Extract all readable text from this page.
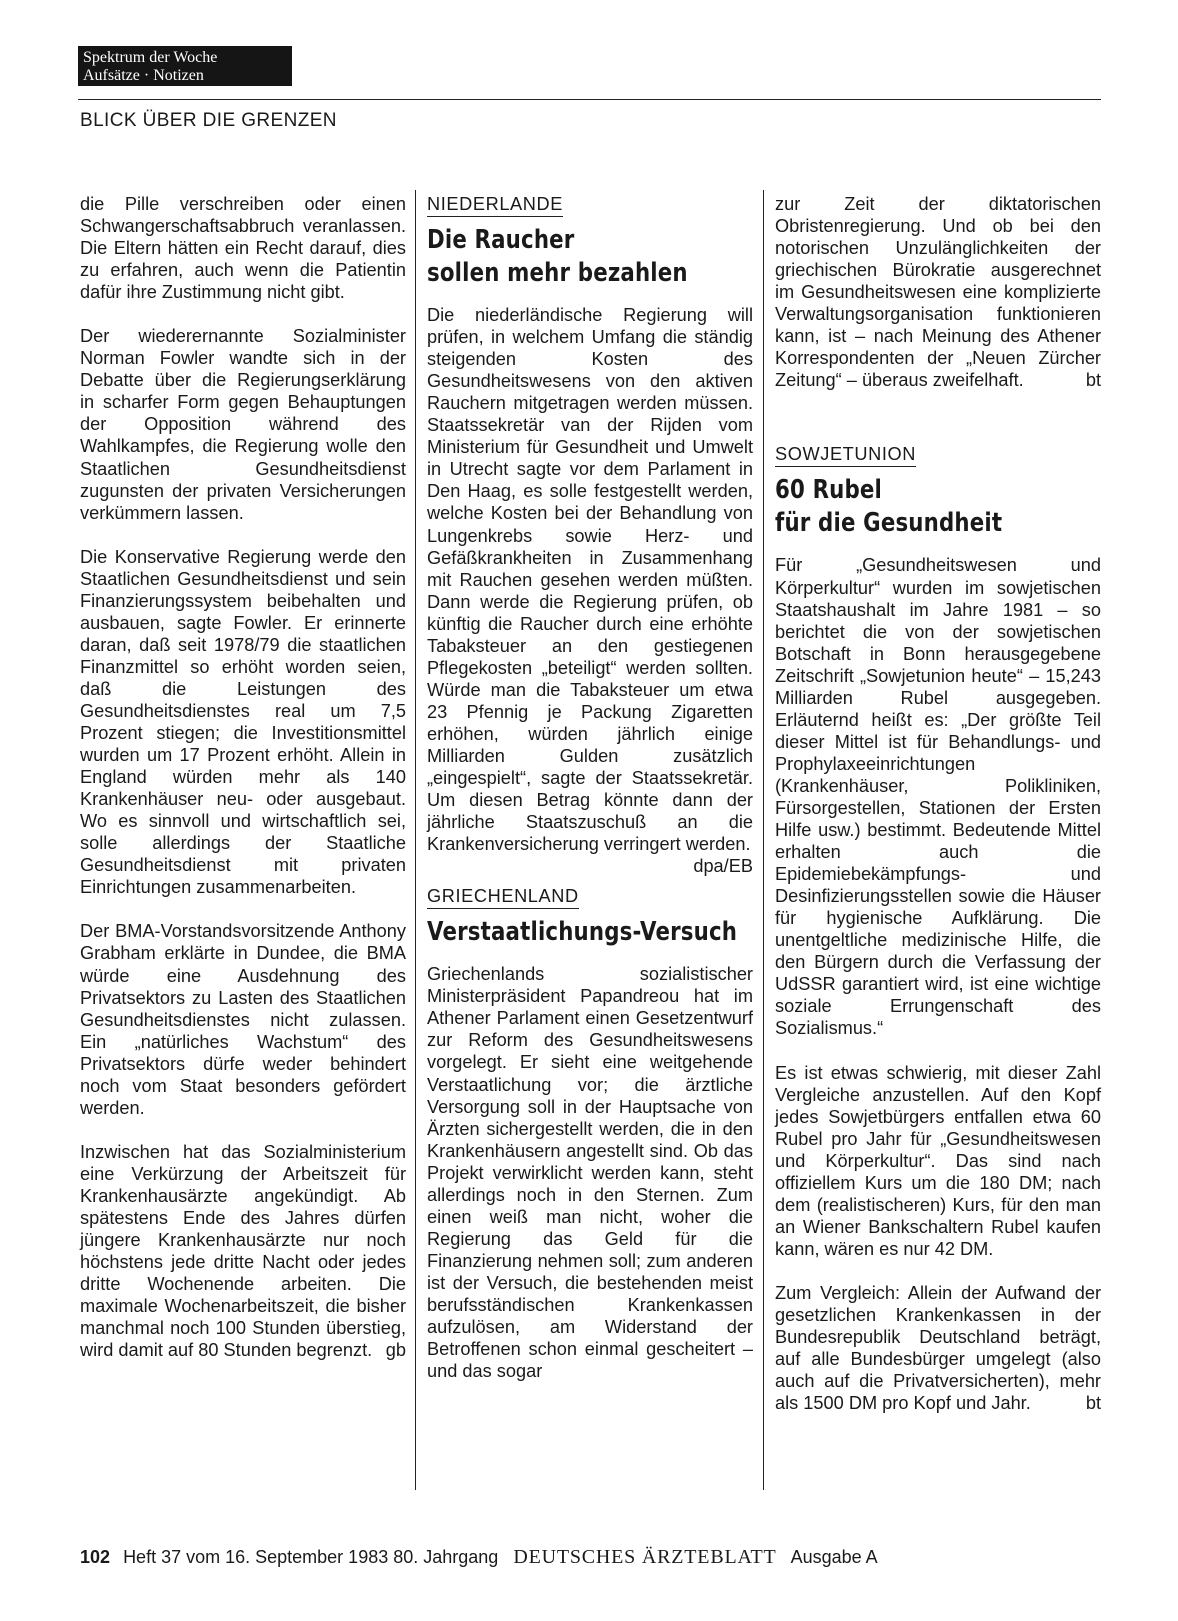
Spektrum der Woche
Aufsätze · Notizen
BLICK ÜBER DIE GRENZEN

die Pille verschreiben oder einen Schwangerschaftsabbruch veranlassen. Die Eltern hätten ein Recht darauf, dies zu erfahren, auch wenn die Patientin dafür ihre Zustimmung nicht gibt.

Der wiederernannte Sozialminister Norman Fowler wandte sich in der Debatte über die Regierungserklärung in scharfer Form gegen Behauptungen der Opposition während des Wahlkampfes, die Regierung wolle den Staatlichen Gesundheitsdienst zugunsten der privaten Versicherungen verkümmern lassen.

Die Konservative Regierung werde den Staatlichen Gesundheitsdienst und sein Finanzierungssystem beibehalten und ausbauen, sagte Fowler. Er erinnerte daran, daß seit 1978/79 die staatlichen Finanzmittel so erhöht worden seien, daß die Leistungen des Gesundheitsdienstes real um 7,5 Prozent stiegen; die Investitionsmittel wurden um 17 Prozent erhöht. Allein in England würden mehr als 140 Krankenhäuser neu- oder ausgebaut. Wo es sinnvoll und wirtschaftlich sei, solle allerdings der Staatliche Gesundheitsdienst mit privaten Einrichtungen zusammenarbeiten.

Der BMA-Vorstandsvorsitzende Anthony Grabham erklärte in Dundee, die BMA würde eine Ausdehnung des Privatsektors zu Lasten des Staatlichen Gesundheitsdienstes nicht zulassen. Ein „natürliches Wachstum“ des Privatsektors dürfe weder behindert noch vom Staat besonders gefördert werden.

Inzwischen hat das Sozialministerium eine Verkürzung der Arbeitszeit für Krankenhausärzte angekündigt. Ab spätestens Ende des Jahres dürfen jüngere Krankenhausärzte nur noch höchstens jede dritte Nacht oder jedes dritte Wochenende arbeiten. Die maximale Wochenarbeitszeit, die bisher manchmal noch 100 Stunden überstieg, wird damit auf 80 Stunden begrenzt. gb

NIEDERLANDE
Die Raucher
sollen mehr bezahlen

Die niederländische Regierung will prüfen, in welchem Umfang die ständig steigenden Kosten des Gesundheitswesens von den aktiven Rauchern mitgetragen werden müssen. Staatssekretär van der Rijden vom Ministerium für Gesundheit und Umwelt in Utrecht sagte vor dem Parlament in Den Haag, es solle festgestellt werden, welche Kosten bei der Behandlung von Lungenkrebs sowie Herz- und Gefäßkrankheiten in Zusammenhang mit Rauchen gesehen werden müßten. Dann werde die Regierung prüfen, ob künftig die Raucher durch eine erhöhte Tabaksteuer an den gestiegenen Pflegekosten „beteiligt“ werden sollten. Würde man die Tabaksteuer um etwa 23 Pfennig je Packung Zigaretten erhöhen, würden jährlich einige Milliarden Gulden zusätzlich „eingespielt“, sagte der Staatssekretär. Um diesen Betrag könnte dann der jährliche Staatszuschuß an die Krankenversicherung verringert werden.
dpa/EB

GRIECHENLAND
Verstaatlichungs-Versuch

Griechenlands sozialistischer Ministerpräsident Papandreou hat im Athener Parlament einen Gesetzentwurf zur Reform des Gesundheitswesens vorgelegt. Er sieht eine weitgehende Verstaatlichung vor; die ärztliche Versorgung soll in der Hauptsache von Ärzten sichergestellt werden, die in den Krankenhäusern angestellt sind. Ob das Projekt verwirklicht werden kann, steht allerdings noch in den Sternen. Zum einen weiß man nicht, woher die Regierung das Geld für die Finanzierung nehmen soll; zum anderen ist der Versuch, die bestehenden meist berufsständischen Krankenkassen aufzulösen, am Widerstand der Betroffenen schon einmal gescheitert – und das sogar

zur Zeit der diktatorischen Obristenregierung. Und ob bei den notorischen Unzulänglichkeiten der griechischen Bürokratie ausgerechnet im Gesundheitswesen eine komplizierte Verwaltungsorganisation funktionieren kann, ist – nach Meinung des Athener Korrespondenten der „Neuen Zürcher Zeitung“ – überaus zweifelhaft.	bt

SOWJETUNION
60 Rubel
für die Gesundheit

Für „Gesundheitswesen und Körperkultur“ wurden im sowjetischen Staatshaushalt im Jahre 1981 – so berichtet die von der sowjetischen Botschaft in Bonn herausgegebene Zeitschrift „Sowjetunion heute“ – 15,243 Milliarden Rubel ausgegeben. Erläuternd heißt es: „Der größte Teil dieser Mittel ist für Behandlungs- und Prophylaxeeinrichtungen (Krankenhäuser, Polikliniken, Fürsorgestellen, Stationen der Ersten Hilfe usw.) bestimmt. Bedeutende Mittel erhalten auch die Epidemiebekämpfungs- und Desinfizierungsstellen sowie die Häuser für hygienische Aufklärung. Die unentgeltliche medizinische Hilfe, die den Bürgern durch die Verfassung der UdSSR garantiert wird, ist eine wichtige soziale Errungenschaft des Sozialismus.“

Es ist etwas schwierig, mit dieser Zahl Vergleiche anzustellen. Auf den Kopf jedes Sowjetbürgers entfallen etwa 60 Rubel pro Jahr für „Gesundheitswesen und Körperkultur“. Das sind nach offiziellem Kurs um die 180 DM; nach dem (realistischeren) Kurs, für den man an Wiener Bankschaltern Rubel kaufen kann, wären es nur 42 DM.

Zum Vergleich: Allein der Aufwand der gesetzlichen Krankenkassen in der Bundesrepublik Deutschland beträgt, auf alle Bundesbürger umgelegt (also auch auf die Privatversicherten), mehr als 1500 DM pro Kopf und Jahr.	bt

102 Heft 37 vom 16. September 1983 80. Jahrgang DEUTSCHES ÄRZTEBLATT Ausgabe A
